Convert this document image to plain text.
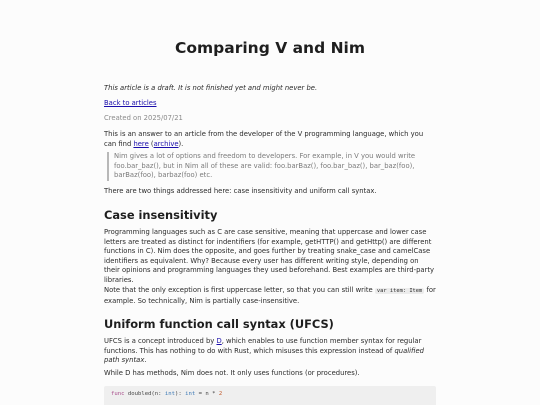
Comparing V and Nim

This article is a draft. It is not finished yet and might never be.

Back to articles

Created on 2025/07/21

This is an answer to an article from the developer of the V programming language, which you can find here (archive).

Nim gives a lot of options and freedom to developers. For example, in V you would write foo.bar_baz(), but in Nim all of these are valid: foo.barBaz(), foo.bar_baz(), bar_baz(foo), barBaz(foo), barbaz(foo) etc.

There are two things addressed here: case insensitivity and uniform call syntax.

Case insensitivity

Programming languages such as C are case sensitive, meaning that uppercase and lower case letters are treated as distinct for indentifiers (for example, getHTTP() and getHttp() are different functions in C). Nim does the opposite, and goes further by treating snake_case and camelCase identifiers as equivalent. Why? Because every user has different writing style, depending on their opinions and programming languages they used beforehand. Best examples are third-party libraries.

Note that the only exception is first uppercase letter, so that you can still write var item: Item for example. So technically, Nim is partially case-insensitive.

Uniform function call syntax (UFCS)

UFCS is a concept introduced by D, which enables to use function member syntax for regular functions. This has nothing to do with Rust, which misuses this expression instead of qualified path syntax.

While D has methods, Nim does not. It only uses functions (or procedures).

func doubled(n: int): int = n * 2
